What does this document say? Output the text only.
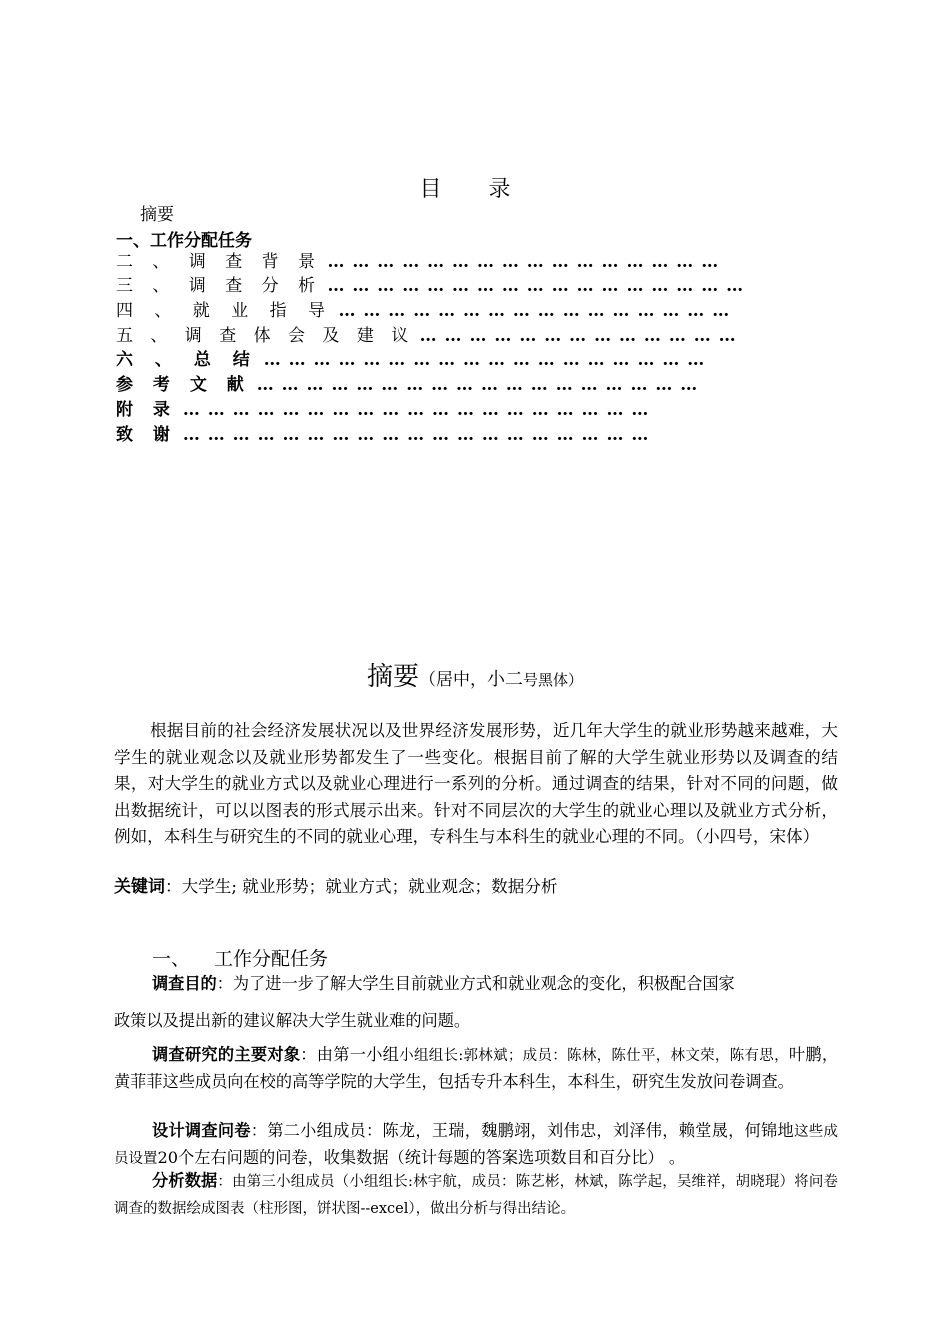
目 录
摘要
一、工作分配任务
二 、 调 查 背 景 … … … … … … … … … … … … … … … …
三 、 调 查 分 析 … … … … … … … … … … … … … … … … …
四 、 就 业 指 导 … … … … … … … … … … … … … … … …
五 、 调 查 体 会 及 建 议 … … … … … … … … … … … … …
六 、 总 结 … … … … … … … … … … … … … … … … … …
参 考 文 献 … … … … … … … … … … … … … … … … … …
附 录 … … … … … … … … … … … … … … … … … … …
致 谢 … … … … … … … … … … … … … … … … … … …
摘要（居中，小二号黑体）
根据目前的社会经济发展状况以及世界经济发展形势，近几年大学生的就业形势越来越难，大学生的就业观念以及就业形势都发生了一些变化。根据目前了解的大学生就业形势以及调查的结果，对大学生的就业方式以及就业心理进行一系列的分析。通过调查的结果，针对不同的问题，做出数据统计，可以以图表的形式展示出来。针对不同层次的大学生的就业心理以及就业方式分析，例如，本科生与研究生的不同的就业心理，专科生与本科生的就业心理的不同。（小四号，宋体）
关键词：大学生; 就业形势；就业方式；就业观念；数据分析
一、 工作分配任务
调查目的：为了进一步了解大学生目前就业方式和就业观念的变化，积极配合国家
政策以及提出新的建议解决大学生就业难的问题。
调查研究的主要对象：由第一小组小组组长:郭林斌；成员：陈林，陈仕平，林文荣，陈有思，叶鹏，黄菲菲这些成员向在校的高等学院的大学生，包括专升本科生，本科生，研究生发放问卷调查。
设计调查问卷：第二小组成员：陈龙，王瑞，魏鹏翊，刘伟忠，刘泽伟，赖堂晟，何锦地这些成员设置20个左右问题的问卷，收集数据（统计每题的答案选项数目和百分比） 。
分析数据：由第三小组成员（小组组长:林宇航，成员：陈艺彬，林斌，陈学起，吴维祥，胡晓琨）将问卷调查的数据绘成图表（柱形图，饼状图--excel），做出分析与得出结论。
